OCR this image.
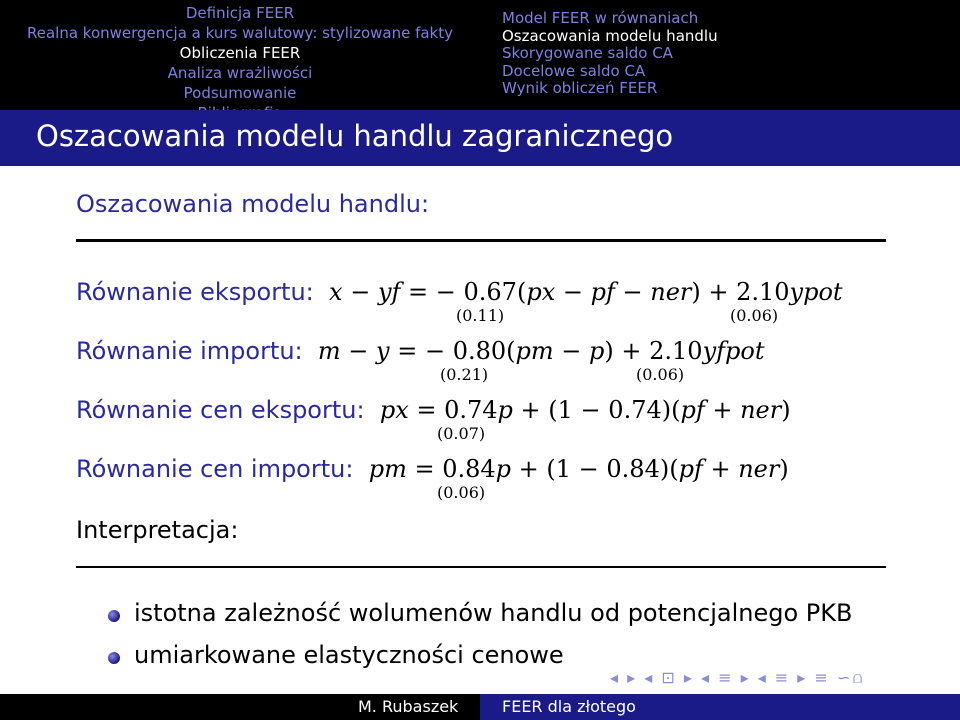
Definicja FEER
Realna konwergencja a kurs walutowy: stylizowane fakty
Obliczenia FEER
Analiza wrażliwości
Podsumowanie
Model FEER w równaniach
Oszacowania modelu handlu
Skorygowane saldo CA
Docelowe saldo CA
Wynik obliczeń FEER
Oszacowania modelu handlu zagranicznego
Oszacowania modelu handlu:
Równanie eksportu: x − yf = − 0.67(px − pf − ner) + 2.10ypot
(0.11)	(0.06)
Równanie importu: m − y = − 0.80(pm − p) + 2.10yfpot
(0.21)	(0.06)
Równanie cen eksportu: px = 0.74p + (1 − 0.74)(pf + ner)
(0.07)
Równanie cen importu: pm = 0.84p + (1 − 0.84)(pf + ner)
(0.06)
Interpretacja:
istotna zależność wolumenów handlu od potencjalnego PKB
umiarkowane elastyczności cenowe
◂ ▸ ◂ ⊡ ▸ ◂ ≡ ▸ ◂ ≡ ▸ ≡ ∽⩍
M. Rubaszek	FEER dla złotego
